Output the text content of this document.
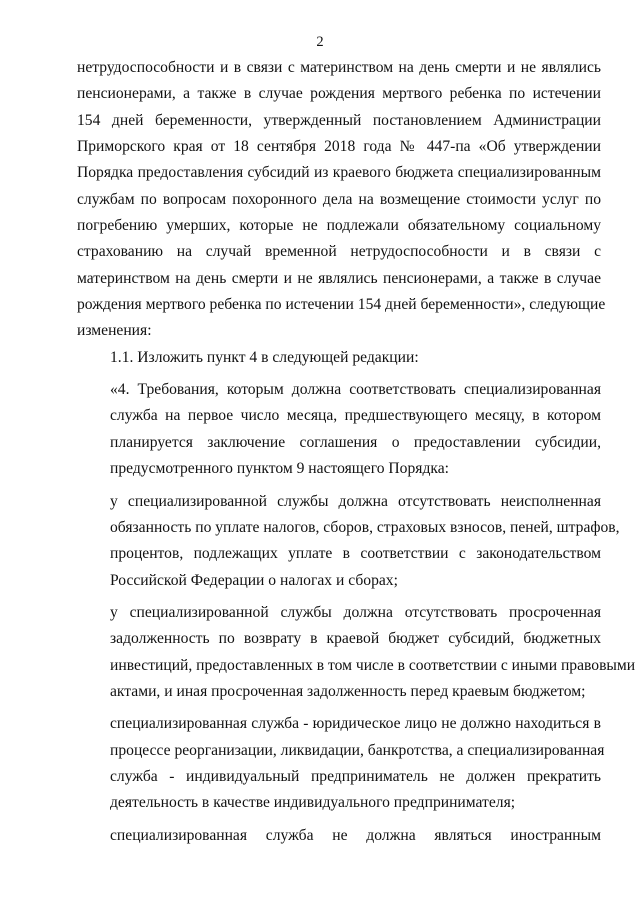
2

нетрудоспособности и в связи с материнством на день смерти и не являлись
пенсионерами, а также в случае рождения мертвого ребенка по истечении
154 дней беременности, утвержденный постановлением Администрации
Приморского края от 18 сентября 2018 года № 447-па «Об утверждении
Порядка предоставления субсидий из краевого бюджета специализированным
службам по вопросам похоронного дела на возмещение стоимости услуг по
погребению умерших, которые не подлежали обязательному социальному
страхованию на случай временной нетрудоспособности и в связи с
материнством на день смерти и не являлись пенсионерами, а также в случае
рождения мертвого ребенка по истечении 154 дней беременности», следующие
изменения:

1.1. Изложить пункт 4 в следующей редакции:

«4. Требования, которым должна соответствовать специализированная
служба на первое число месяца, предшествующего месяцу, в котором
планируется заключение соглашения о предоставлении субсидии,
предусмотренного пунктом 9 настоящего Порядка:

у специализированной службы должна отсутствовать неисполненная
обязанность по уплате налогов, сборов, страховых взносов, пеней, штрафов,
процентов, подлежащих уплате в соответствии с законодательством
Российской Федерации о налогах и сборах;

у специализированной службы должна отсутствовать просроченная
задолженность по возврату в краевой бюджет субсидий, бюджетных
инвестиций, предоставленных в том числе в соответствии с иными правовыми
актами, и иная просроченная задолженность перед краевым бюджетом;

специализированная служба - юридическое лицо не должно находиться в
процессе реорганизации, ликвидации, банкротства, а специализированная
служба - индивидуальный предприниматель не должен прекратить
деятельность в качестве индивидуального предпринимателя;

специализированная служба не должна являться иностранным
